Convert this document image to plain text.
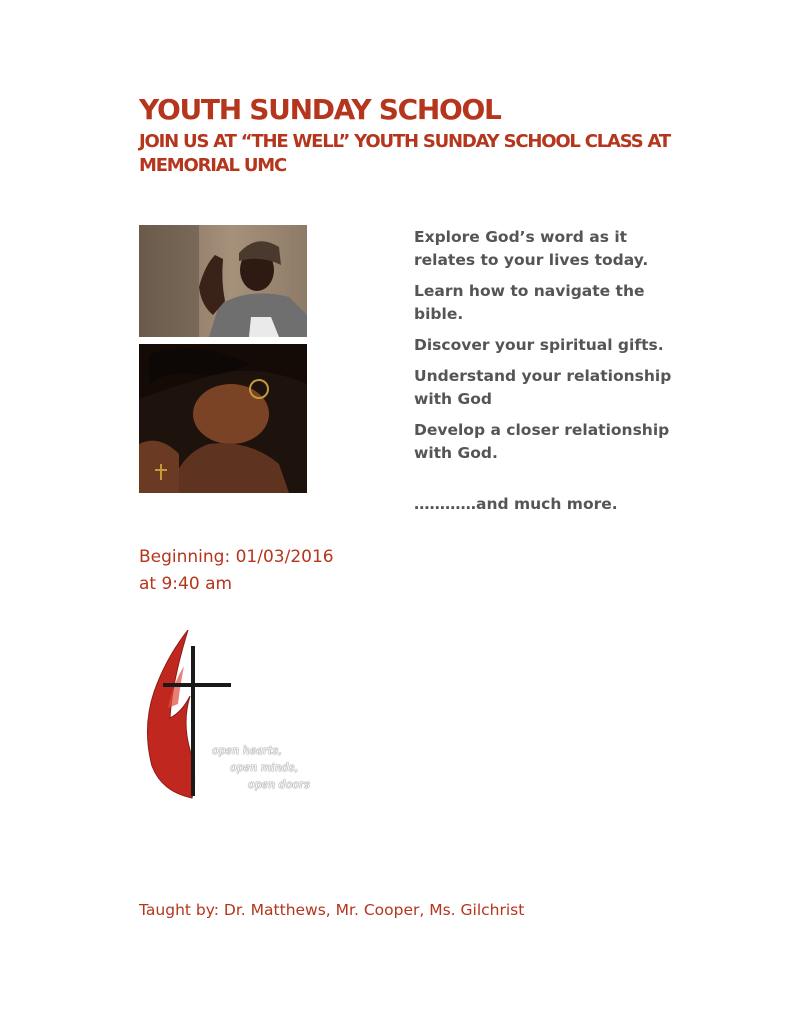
YOUTH SUNDAY SCHOOL
JOIN US AT “THE WELL” YOUTH SUNDAY SCHOOL CLASS AT MEMORIAL UMC
Explore God’s word as it relates to your lives today.
Learn how to navigate the bible.
Discover your spiritual gifts.
Understand your relationship with God
Develop a closer relationship with God.

…………and much more.

Beginning: 01/03/2016
at 9:40 am

open hearts,
open minds,
open doors

Taught by: Dr. Matthews, Mr. Cooper, Ms. Gilchrist
